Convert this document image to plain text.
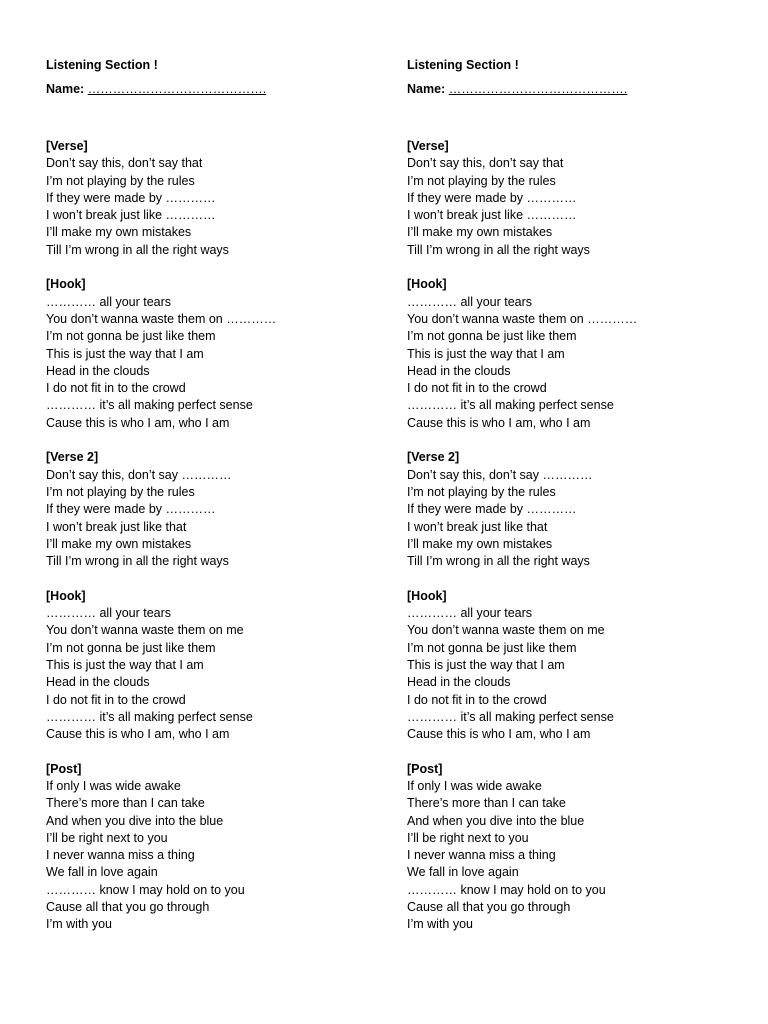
Listening Section !
Name: …………………………………….
[Verse]
Don’t say this, don’t say that
I’m not playing by the rules
If they were made by …………
I won’t break just like …………
I’ll make my own mistakes
Till I’m wrong in all the right ways
[Hook]
………… all your tears
You don’t wanna waste them on …………
I’m not gonna be just like them
This is just the way that I am
Head in the clouds
I do not fit in to the crowd
………… it’s all making perfect sense
Cause this is who I am, who I am
[Verse 2]
Don’t say this, don’t say …………
I’m not playing by the rules
If they were made by …………
I won’t break just like that
I’ll make my own mistakes
Till I’m wrong in all the right ways
[Hook]
………… all your tears
You don’t wanna waste them on me
I’m not gonna be just like them
This is just the way that I am
Head in the clouds
I do not fit in to the crowd
………… it’s all making perfect sense
Cause this is who I am, who I am
[Post]
If only I was wide awake
There’s more than I can take
And when you dive into the blue
I’ll be right next to you
I never wanna miss a thing
We fall in love again
………… know I may hold on to you
Cause all that you go through
I’m with you
Listening Section !
Name: …………………………………….
[Verse]
Don’t say this, don’t say that
I’m not playing by the rules
If they were made by …………
I won’t break just like …………
I’ll make my own mistakes
Till I’m wrong in all the right ways
[Hook]
………… all your tears
You don’t wanna waste them on …………
I’m not gonna be just like them
This is just the way that I am
Head in the clouds
I do not fit in to the crowd
………… it’s all making perfect sense
Cause this is who I am, who I am
[Verse 2]
Don’t say this, don’t say …………
I’m not playing by the rules
If they were made by …………
I won’t break just like that
I’ll make my own mistakes
Till I’m wrong in all the right ways
[Hook]
………… all your tears
You don’t wanna waste them on me
I’m not gonna be just like them
This is just the way that I am
Head in the clouds
I do not fit in to the crowd
………… it’s all making perfect sense
Cause this is who I am, who I am
[Post]
If only I was wide awake
There’s more than I can take
And when you dive into the blue
I’ll be right next to you
I never wanna miss a thing
We fall in love again
………… know I may hold on to you
Cause all that you go through
I’m with you
